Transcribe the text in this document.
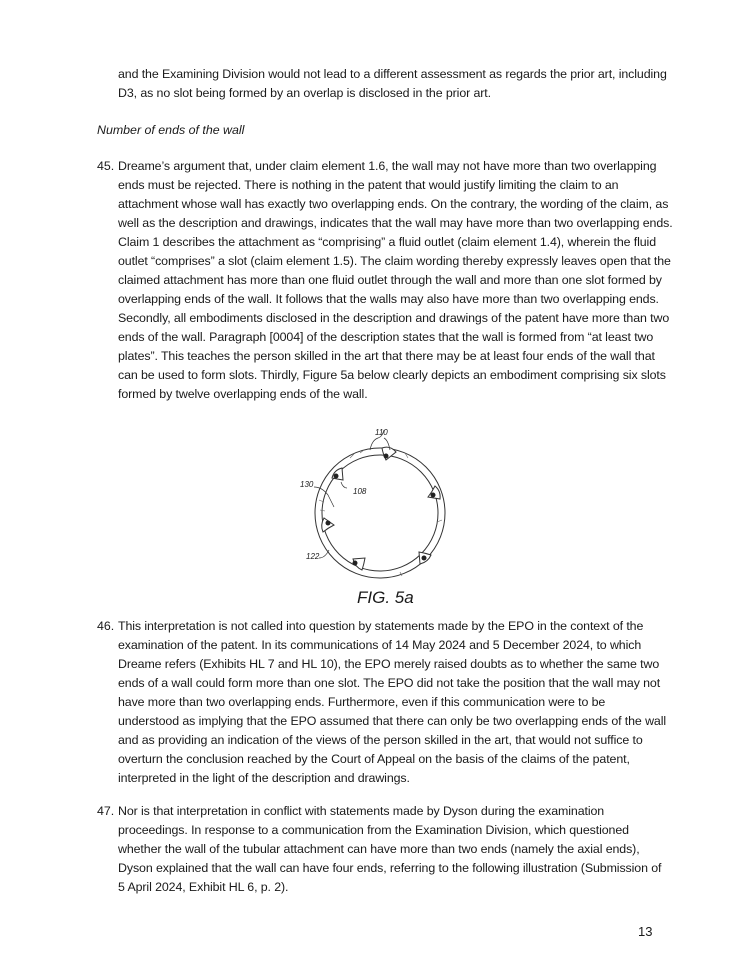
and the Examining Division would not lead to a different assessment as regards the prior art, including
D3, as no slot being formed by an overlap is disclosed in the prior art.
Number of ends of the wall
45. Dreame’s argument that, under claim element 1.6, the wall may not have more than two overlapping
ends must be rejected. There is nothing in the patent that would justify limiting the claim to an
attachment whose wall has exactly two overlapping ends. On the contrary, the wording of the claim, as
well as the description and drawings, indicates that the wall may have more than two overlapping ends.
Claim 1 describes the attachment as “comprising” a fluid outlet (claim element 1.4), wherein the fluid
outlet “comprises” a slot (claim element 1.5). The claim wording thereby expressly leaves open that the
claimed attachment has more than one fluid outlet through the wall and more than one slot formed by
overlapping ends of the wall. It follows that the walls may also have more than two overlapping ends.
Secondly, all embodiments disclosed in the description and drawings of the patent have more than two
ends of the wall. Paragraph [0004] of the description states that the wall is formed from “at least two
plates”. This teaches the person skilled in the art that there may be at least four ends of the wall that
can be used to form slots. Thirdly, Figure 5a below clearly depicts an embodiment comprising six slots
formed by twelve overlapping ends of the wall.
110
130
108
122
FIG. 5a
46. This interpretation is not called into question by statements made by the EPO in the context of the
examination of the patent. In its communications of 14 May 2024 and 5 December 2024, to which
Dreame refers (Exhibits HL 7 and HL 10), the EPO merely raised doubts as to whether the same two
ends of a wall could form more than one slot. The EPO did not take the position that the wall may not
have more than two overlapping ends. Furthermore, even if this communication were to be
understood as implying that the EPO assumed that there can only be two overlapping ends of the wall
and as providing an indication of the views of the person skilled in the art, that would not suffice to
overturn the conclusion reached by the Court of Appeal on the basis of the claims of the patent,
interpreted in the light of the description and drawings.
47. Nor is that interpretation in conflict with statements made by Dyson during the examination
proceedings. In response to a communication from the Examination Division, which questioned
whether the wall of the tubular attachment can have more than two ends (namely the axial ends),
Dyson explained that the wall can have four ends, referring to the following illustration (Submission of
5 April 2024, Exhibit HL 6, p. 2).
13
